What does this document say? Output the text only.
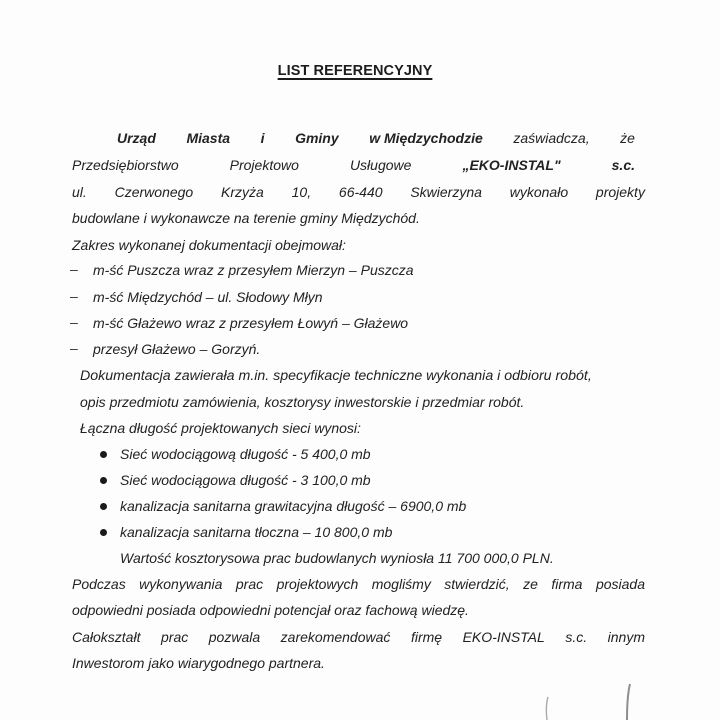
LIST REFERENCYJNY
Urząd Miasta i Gminy w Międzychodzie zaświadcza, że
Przedsiębiorstwo	Projektowo	Usługowe	„EKO-INSTAL"	s.c.
ul. Czerwonego Krzyża 10, 66-440 Skwierzyna wykonało projekty
budowlane i wykonawcze na terenie gminy Międzychód.
Zakres wykonanej dokumentacji obejmował:
– m-ść Puszcza wraz z przesyłem Mierzyn – Puszcza
– m-ść Międzychód – ul. Słodowy Młyn
– m-ść Głażewo wraz z przesyłem Łowyń – Głażewo
– przesył Głażewo – Gorzyń.
Dokumentacja zawierała m.in. specyfikacje techniczne wykonania i odbioru robót,
opis przedmiotu zamówienia, kosztorysy inwestorskie i przedmiar robót.
Łączna długość projektowanych sieci wynosi:
Sieć wodociągową długość - 5 400,0 mb
Sieć wodociągowa długość - 3 100,0 mb
kanalizacja sanitarna grawitacyjna długość – 6900,0 mb
kanalizacja sanitarna tłoczna – 10 800,0 mb
Wartość kosztorysowa prac budowlanych wyniosła 11 700 000,0 PLN.
Podczas wykonywania prac projektowych mogliśmy stwierdzić, ze firma posiada
odpowiedni posiada odpowiedni potencjał oraz fachową wiedzę.
Całokształt prac pozwala zarekomendować firmę EKO-INSTAL s.c. innym
Inwestorom jako wiarygodnego partnera.
